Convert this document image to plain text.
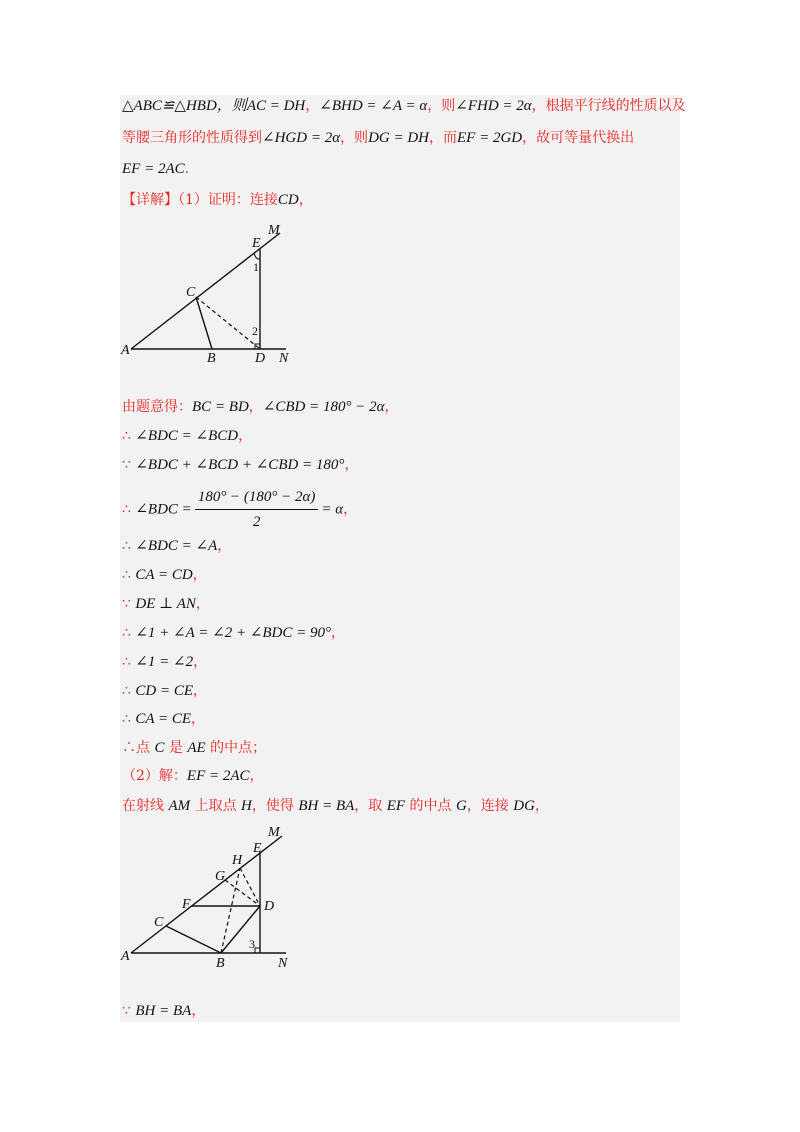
△ABC≌△HBD，则AC = DH，∠BHD = ∠A = α，则∠FHD = 2α，根据平行线的性质以及
等腰三角形的性质得到∠HGD = 2α，则DG = DH，而EF = 2GD，故可等量代换出
EF = 2AC.
【详解】（1）证明：连接CD，
M
E
1
C
2
A
B	D N
由题意得：BC = BD，∠CBD = 180° − 2α，
∴ ∠BDC = ∠BCD，
∵ ∠BDC + ∠BCD + ∠CBD = 180°，
∴ ∠BDC = $\frac{180^\circ - (180^\circ - 2\alpha)}{2} = \alpha$，
∴ ∠BDC = ∠A，
∴ CA = CD，
∵ DE ⊥ AN，
∴ ∠1 + ∠A = ∠2 + ∠BDC = 90°，
∴ ∠1 = ∠2，
∴ CD = CE，
∴ CA = CE，
∴点 C 是 AE 的中点；
（2）解：EF = 2AC，
在射线 AM 上取点 H，使得 BH = BA，取 EF 的中点 G，连接 DG，
M
E
H
G
F	D
C
3
A	B	N
∵ BH = BA，
